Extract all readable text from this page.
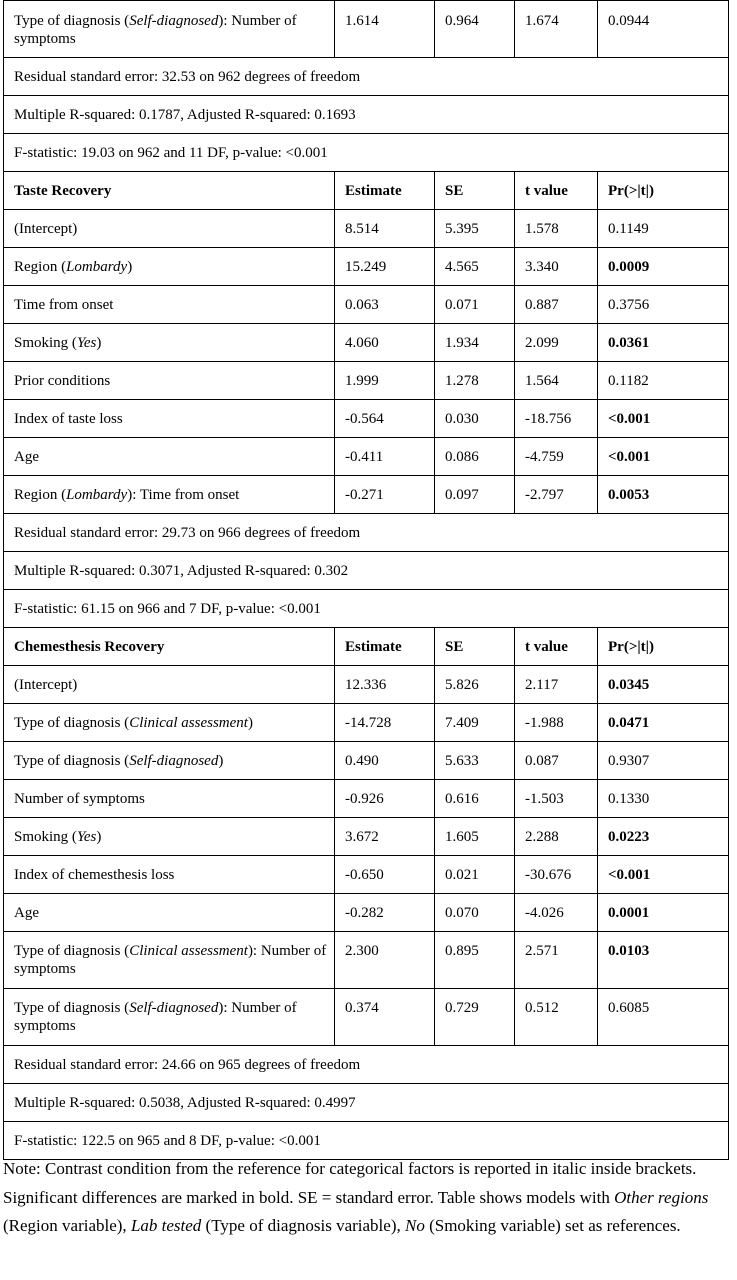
Type of diagnosis (Self-diagnosed): Number of symptoms	1.614	0.964	1.674	0.0944

Residual standard error: 32.53 on 962 degrees of freedom				

Multiple R-squared: 0.1787, Adjusted R-squared: 0.1693				

F-statistic: 19.03 on 962 and 11 DF, p-value: <0.001				

Taste Recovery	Estimate	SE	t value	Pr(>|t|)

(Intercept)	8.514	5.395	1.578	0.1149

Region (Lombardy)	15.249	4.565	3.340	0.0009

Time from onset	0.063	0.071	0.887	0.3756

Smoking (Yes)	4.060	1.934	2.099	0.0361

Prior conditions	1.999	1.278	1.564	0.1182

Index of taste loss	-0.564	0.030	-18.756	<0.001

Age	-0.411	0.086	-4.759	<0.001

Region (Lombardy): Time from onset	-0.271	0.097	-2.797	0.0053

Residual standard error: 29.73 on 966 degrees of freedom				

Multiple R-squared: 0.3071, Adjusted R-squared: 0.302				

F-statistic: 61.15 on 966 and 7 DF, p-value: <0.001				

Chemesthesis Recovery	Estimate	SE	t value	Pr(>|t|)

(Intercept)	12.336	5.826	2.117	0.0345

Type of diagnosis (Clinical assessment)	-14.728	7.409	-1.988	0.0471

Type of diagnosis (Self-diagnosed)	0.490	5.633	0.087	0.9307

Number of symptoms	-0.926	0.616	-1.503	0.1330

Smoking (Yes)	3.672	1.605	2.288	0.0223

Index of chemesthesis loss	-0.650	0.021	-30.676	<0.001

Age	-0.282	0.070	-4.026	0.0001

Type of diagnosis (Clinical assessment): Number of symptoms	2.300	0.895	2.571	0.0103

Type of diagnosis (Self-diagnosed): Number of symptoms	0.374	0.729	0.512	0.6085

Residual standard error: 24.66 on 965 degrees of freedom				

Multiple R-squared: 0.5038, Adjusted R-squared: 0.4997				

F-statistic: 122.5 on 965 and 8 DF, p-value: <0.001				

Note: Contrast condition from the reference for categorical factors is reported in italic inside brackets. Significant differences are marked in bold. SE = standard error. Table shows models with Other regions (Region variable), Lab tested (Type of diagnosis variable), No (Smoking variable) set as references.
